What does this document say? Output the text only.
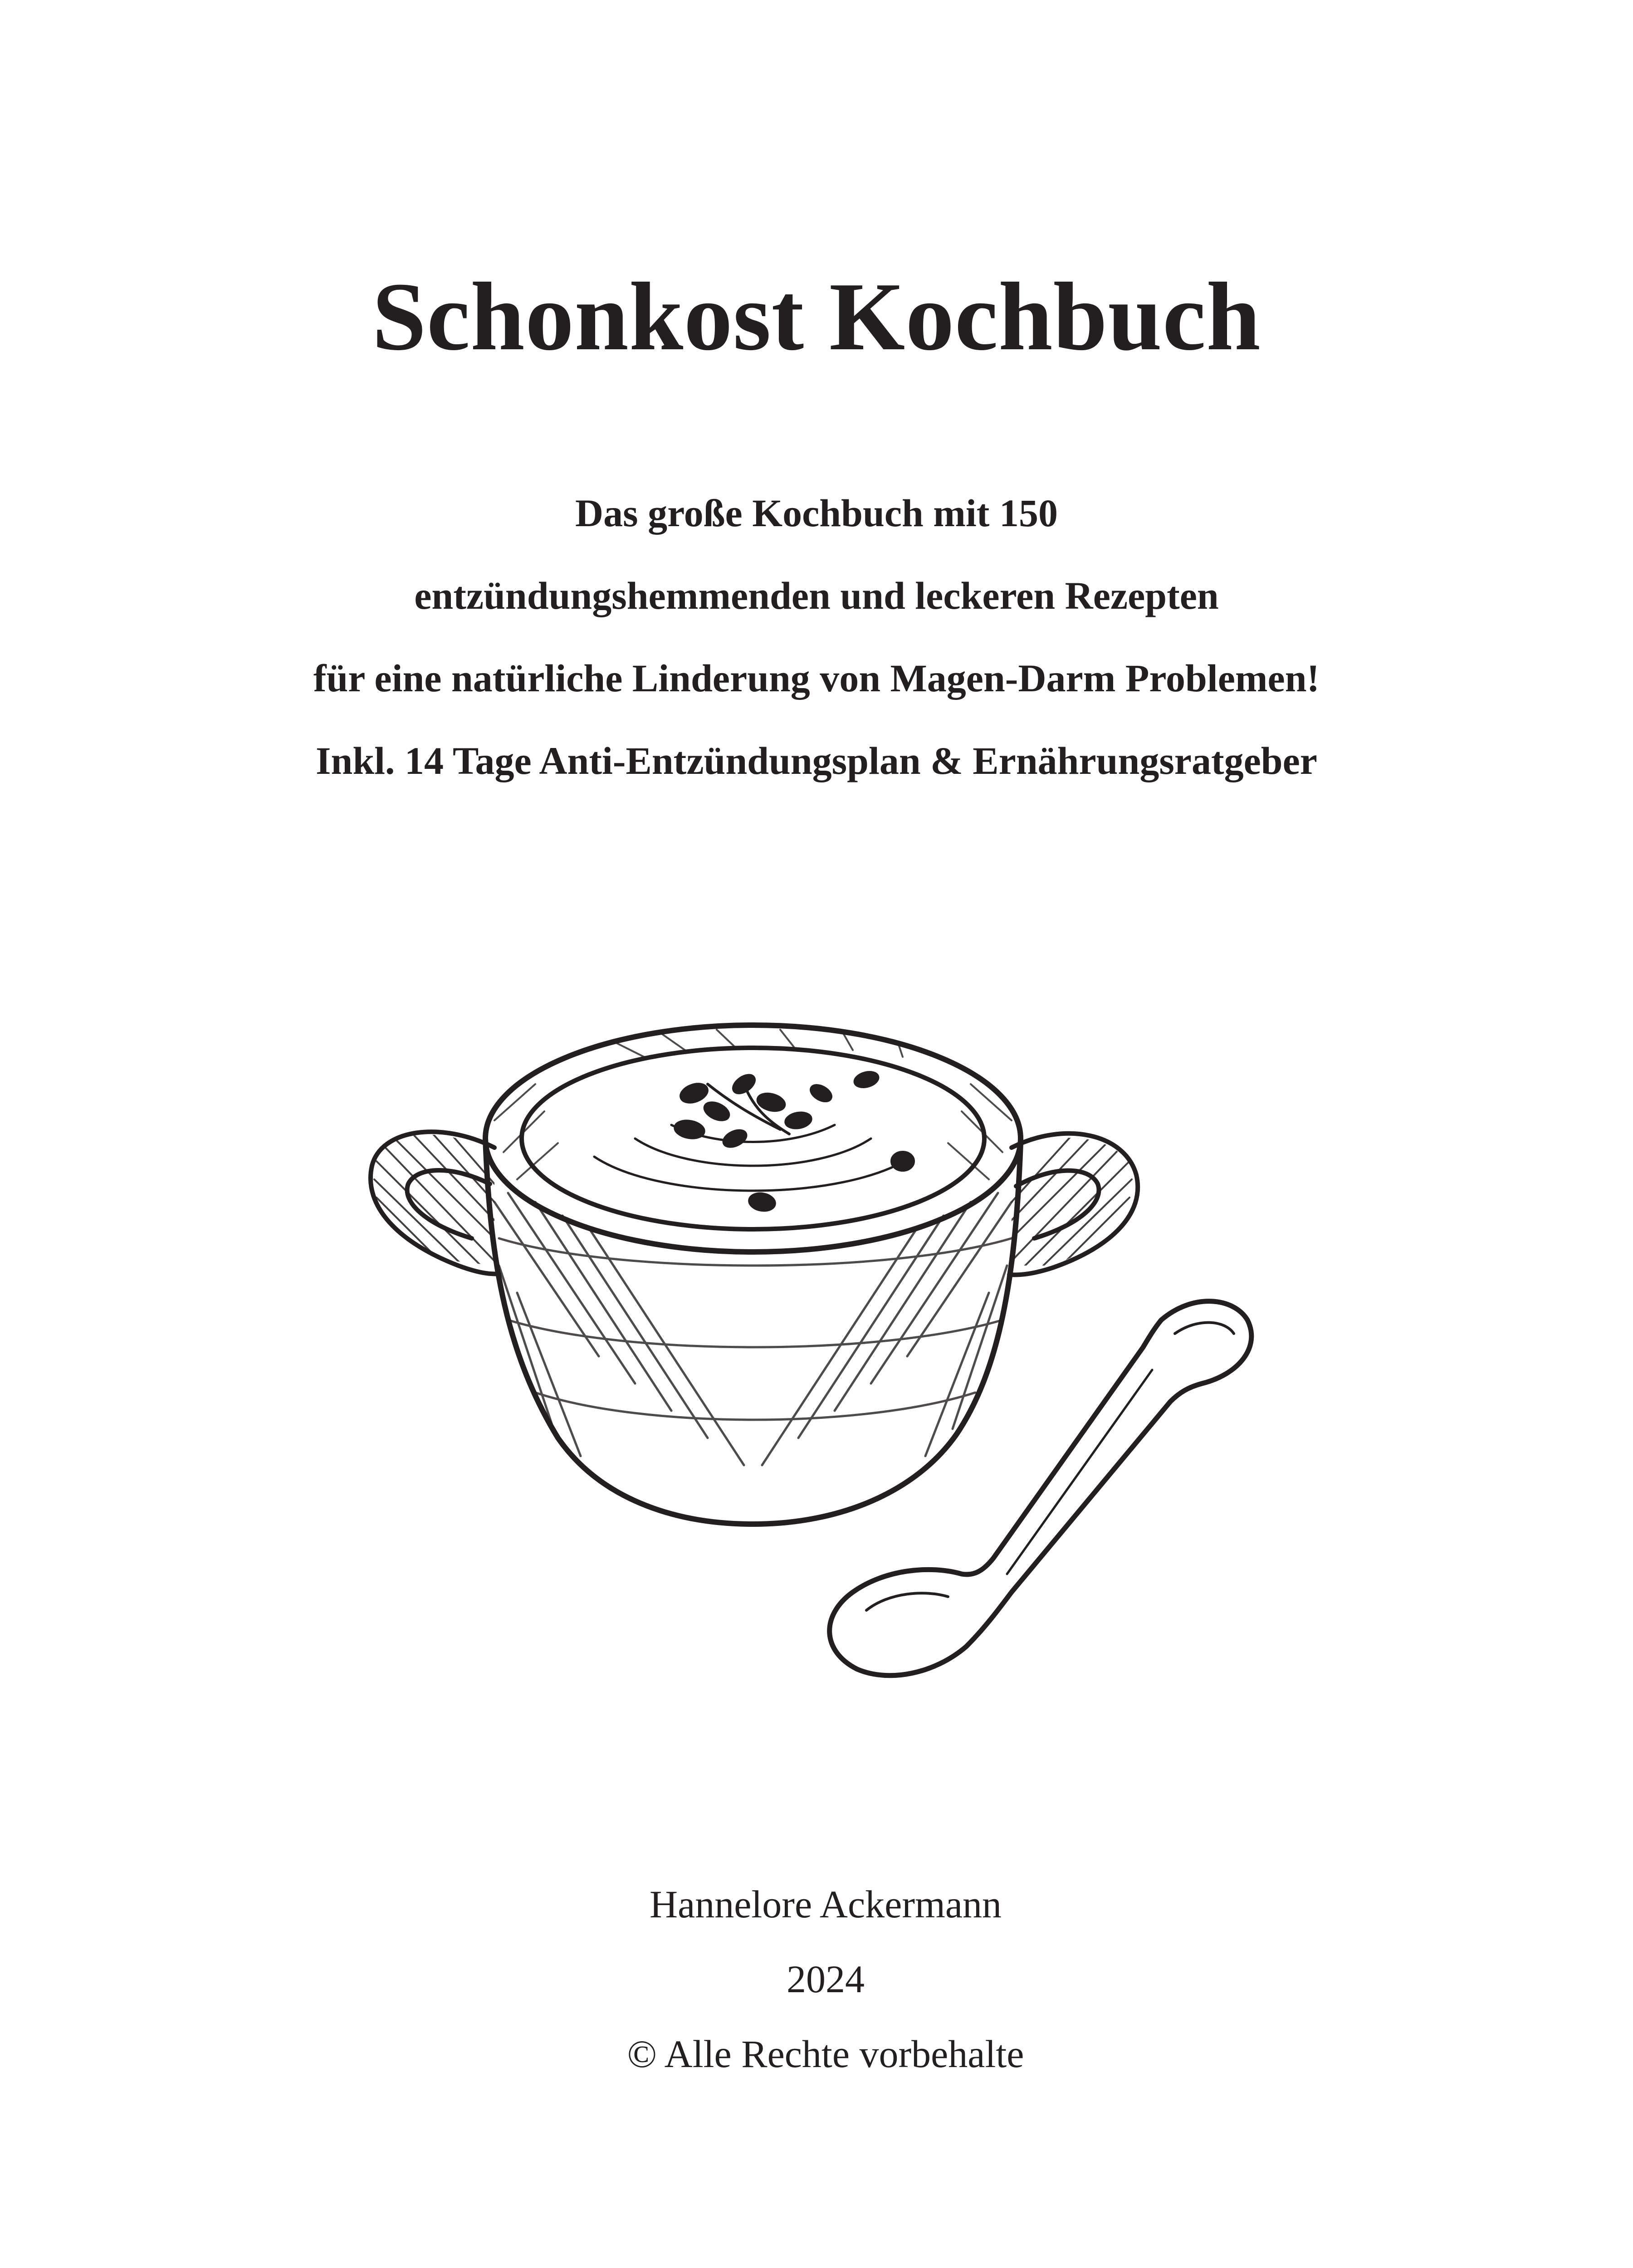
Schonkost Kochbuch
Das große Kochbuch mit 150
entzündungshemmenden und leckeren Rezepten
für eine natürliche Linderung von Magen-Darm Problemen!
Inkl. 14 Tage Anti-Entzündungsplan & Ernährungsratgeber
Hannelore Ackermann
2024
© Alle Rechte vorbehalte
